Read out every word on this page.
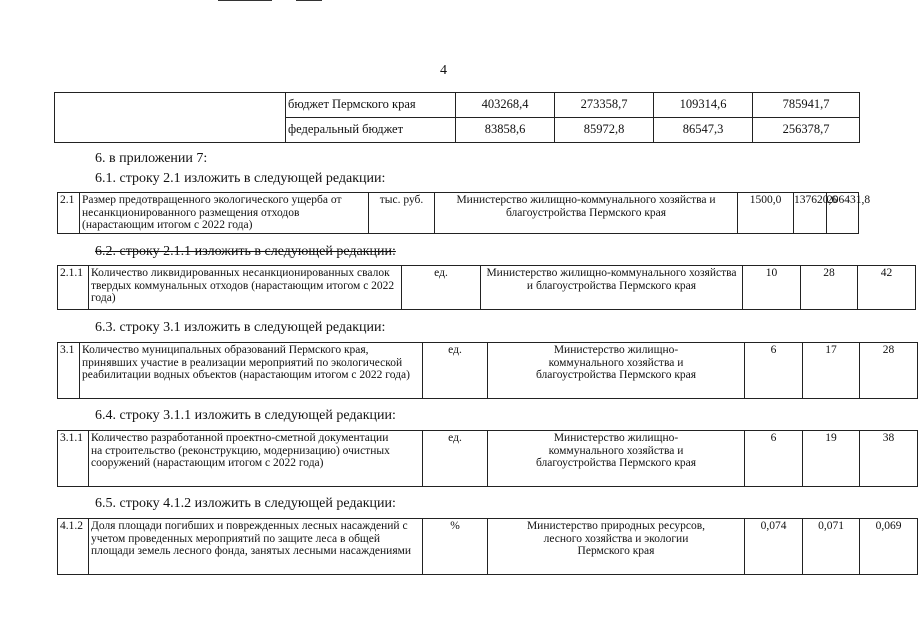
4
	бюджет Пермского края	403268,4	273358,7	109314,6	785941,7
	федеральный бюджет	83858,6	85972,8	86547,3	256378,7
6. в приложении 7:
6.1. строку 2.1 изложить в следующей редакции:
2.1	Размер предотвращенного экологического ущерба от несанкционированного размещения отходов (нарастающим итогом с 2022 года)	тыс. руб.	Министерство жилищно-коммунального хозяйства и благоустройства Пермского края	1500,0	137620,6	206431,8
6.2. строку 2.1.1 изложить в следующей редакции:
2.1.1	Количество ликвидированных несанкционированных свалок твердых коммунальных отходов (нарастающим итогом с 2022 года)	ед.	Министерство жилищно-коммунального хозяйства и благоустройства Пермского края	10	28	42
6.3. строку 3.1 изложить в следующей редакции:
3.1	Количество муниципальных образований Пермского края, принявших участие в реализации мероприятий по экологической реабилитации водных объектов (нарастающим итогом с 2022 года)	ед.	Министерство жилищно-коммунального хозяйства и благоустройства Пермского края	6	17	28
6.4. строку 3.1.1 изложить в следующей редакции:
3.1.1	Количество разработанной проектно-сметной документации на строительство (реконструкцию, модернизацию) очистных сооружений (нарастающим итогом с 2022 года)	ед.	Министерство жилищно-коммунального хозяйства и благоустройства Пермского края	6	19	38
6.5. строку 4.1.2 изложить в следующей редакции:
4.1.2	Доля площади погибших и поврежденных лесных насаждений с учетом проведенных мероприятий по защите леса в общей площади земель лесного фонда, занятых лесными насаждениями	%	Министерство природных ресурсов, лесного хозяйства и экологии Пермского края	0,074	0,071	0,069
